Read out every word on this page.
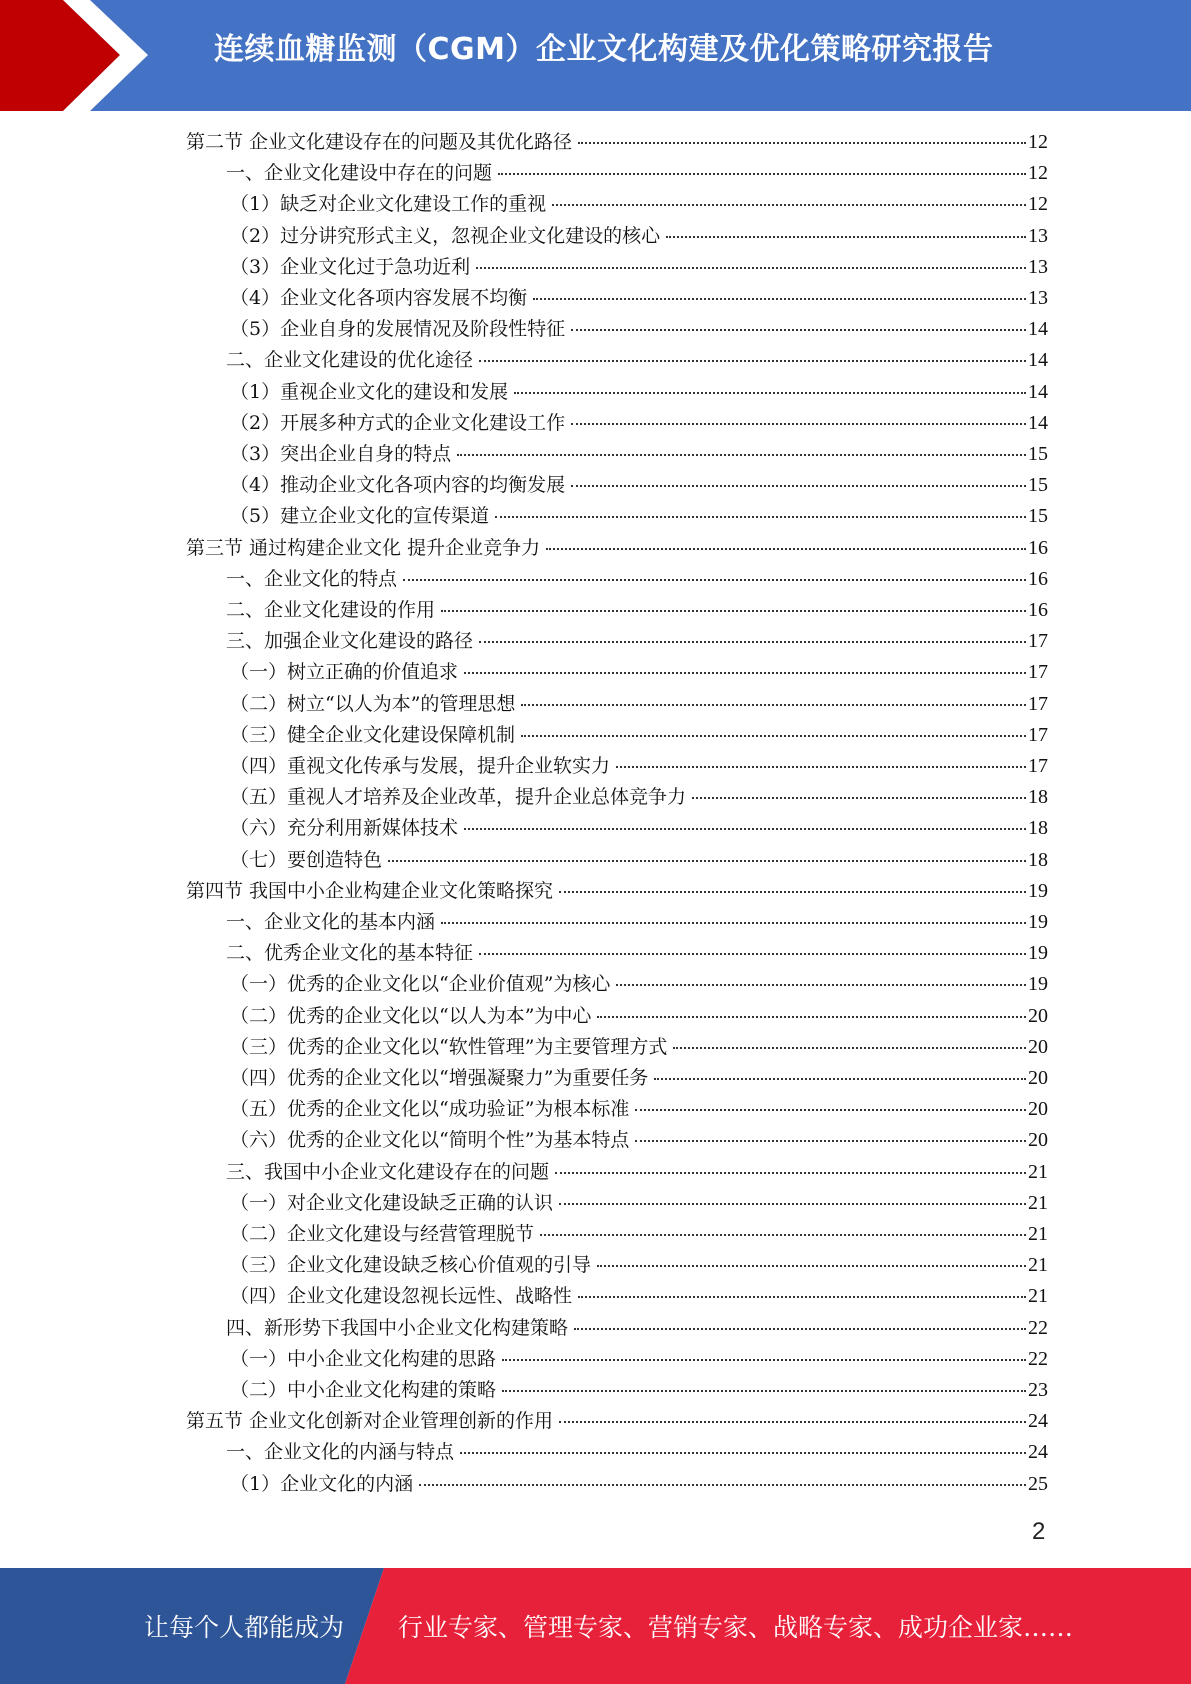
连续血糖监测（CGM）企业文化构建及优化策略研究报告
第二节 企业文化建设存在的问题及其优化路径	12
一、企业文化建设中存在的问题	12
（1）缺乏对企业文化建设工作的重视	12
（2）过分讲究形式主义，忽视企业文化建设的核心	13
（3）企业文化过于急功近利	13
（4）企业文化各项内容发展不均衡	13
（5）企业自身的发展情况及阶段性特征	14
二、企业文化建设的优化途径	14
（1）重视企业文化的建设和发展	14
（2）开展多种方式的企业文化建设工作	14
（3）突出企业自身的特点	15
（4）推动企业文化各项内容的均衡发展	15
（5）建立企业文化的宣传渠道	15
第三节 通过构建企业文化 提升企业竞争力	16
一、企业文化的特点	16
二、企业文化建设的作用	16
三、加强企业文化建设的路径	17
（一）树立正确的价值追求	17
（二）树立“以人为本”的管理思想	17
（三）健全企业文化建设保障机制	17
（四）重视文化传承与发展，提升企业软实力	17
（五）重视人才培养及企业改革，提升企业总体竞争力	18
（六）充分利用新媒体技术	18
（七）要创造特色	18
第四节 我国中小企业构建企业文化策略探究	19
一、企业文化的基本内涵	19
二、优秀企业文化的基本特征	19
（一）优秀的企业文化以“企业价值观”为核心	19
（二）优秀的企业文化以“以人为本”为中心	20
（三）优秀的企业文化以“软性管理”为主要管理方式	20
（四）优秀的企业文化以“增强凝聚力”为重要任务	20
（五）优秀的企业文化以“成功验证”为根本标准	20
（六）优秀的企业文化以“简明个性”为基本特点	20
三、我国中小企业文化建设存在的问题	21
（一）对企业文化建设缺乏正确的认识	21
（二）企业文化建设与经营管理脱节	21
（三）企业文化建设缺乏核心价值观的引导	21
（四）企业文化建设忽视长远性、战略性	21
四、新形势下我国中小企业文化构建策略	22
（一）中小企业文化构建的思路	22
（二）中小企业文化构建的策略	23
第五节 企业文化创新对企业管理创新的作用	24
一、企业文化的内涵与特点	24
（1）企业文化的内涵	25
2
让每个人都能成为 行业专家、管理专家、营销专家、战略专家、成功企业家……
